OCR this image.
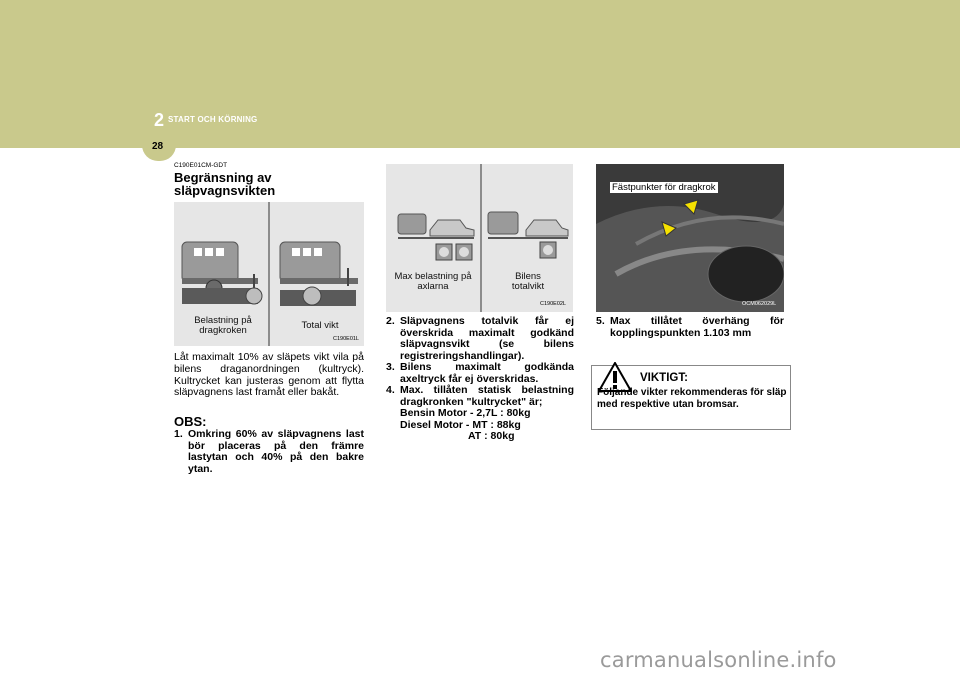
2 START OCH KÖRNING
28
C190E01CM-GDT
Begränsning av släpvagnsvikten
Belastning på dragkroken	Total vikt
C190E01L
Låt maximalt 10% av släpets vikt vila på bilens draganordningen (kultryck). Kultrycket kan justeras genom att flytta släpvagnens last framåt eller bakåt.
OBS:
1. Omkring 60% av släpvagnens last bör placeras på den främre lastytan och 40% på den bakre ytan.
Max belastning på axlarna
Bilens totalvikt
C190E02L
2. Släpvagnens totalvik får ej överskrida maximalt godkänd släpvagnsvikt (se bilens registreringshandlingar).
3. Bilens maximalt godkända axeltryck får ej överskridas.
4. Max. tillåten statisk belastning dragkronken "kultrycket" är;
Bensin Motor - 2,7L : 80kg
Diesel Motor - MT : 88kg
AT : 80kg
Fästpunkter för dragkrok
OCM062029L
5. Max tillåtet överhäng för kopplingspunkten 1.103 mm
VIKTIGT:
Följande vikter rekommenderas för släp med respektive utan bromsar.
carmanualsonline.info
